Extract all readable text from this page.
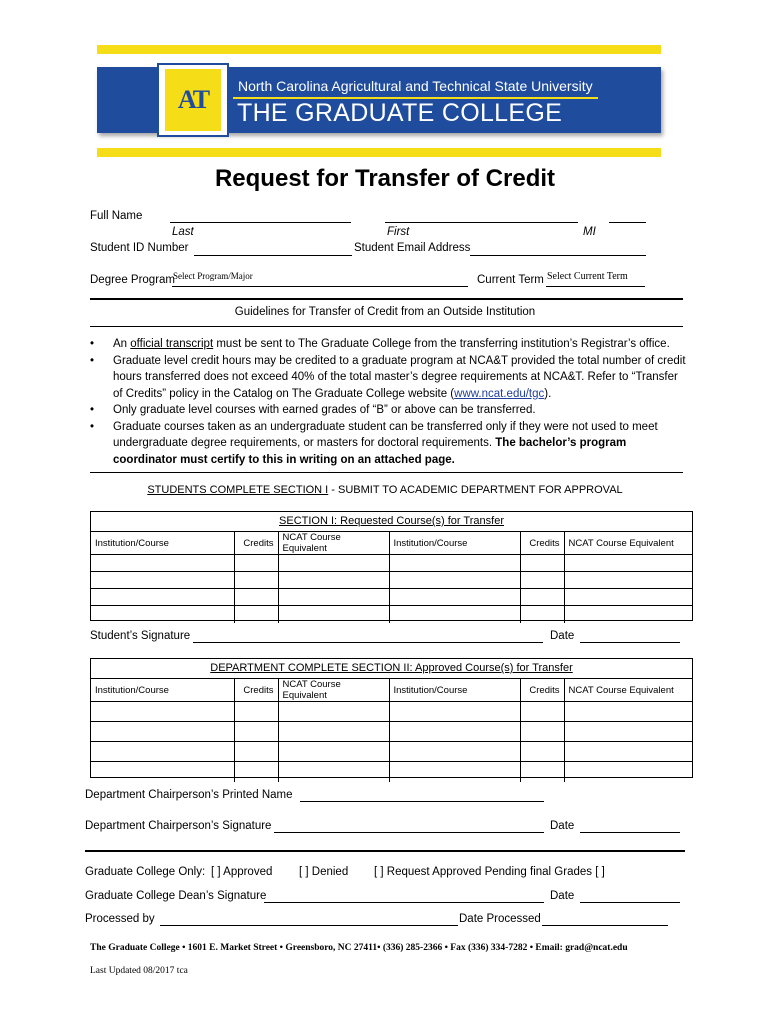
AT North Carolina Agricultural and Technical State University
THE GRADUATE COLLEGE
Request for Transfer of Credit
Full Name
Last	First	MI
Student ID Number	Student Email Address
Degree Program
Select Program/Major	Current Term Select Current Term
Guidelines for Transfer of Credit from an Outside Institution
• An official transcript must be sent to The Graduate College from the transferring institution’s Registrar’s office.
• Graduate level credit hours may be credited to a graduate program at NCA&T provided the total number of credit hours transferred does not exceed 40% of the total master’s degree requirements at NCA&T. Refer to “Transfer of Credits” policy in the Catalog on The Graduate College website (www.ncat.edu/tgc).
• Only graduate level courses with earned grades of “B” or above can be transferred.
• Graduate courses taken as an undergraduate student can be transferred only if they were not used to meet undergraduate degree requirements, or masters for doctoral requirements. The bachelor’s program coordinator must certify to this in writing on an attached page.
STUDENTS COMPLETE SECTION I - SUBMIT TO ACADEMIC DEPARTMENT FOR APPROVAL
SECTION I: Requested Course(s) for Transfer
Institution/Course	Credits	NCAT Course Equivalent	Institution/Course	Credits	NCAT Course Equivalent

Student’s Signature	Date
DEPARTMENT COMPLETE SECTION II: Approved Course(s) for Transfer
Institution/Course	Credits	NCAT Course Equivalent	Institution/Course	Credits	NCAT Course Equivalent

Department Chairperson’s Printed Name
Department Chairperson’s Signature	Date
Graduate College Only: [ ] Approved [ ] Denied [ ] Request Approved Pending final Grades [ ]
Graduate College Dean’s Signature	Date
Processed by	Date Processed
The Graduate College • 1601 E. Market Street • Greensboro, NC 27411• (336) 285-2366 • Fax (336) 334-7282 • Email: grad@ncat.edu
Last Updated 08/2017 tca
